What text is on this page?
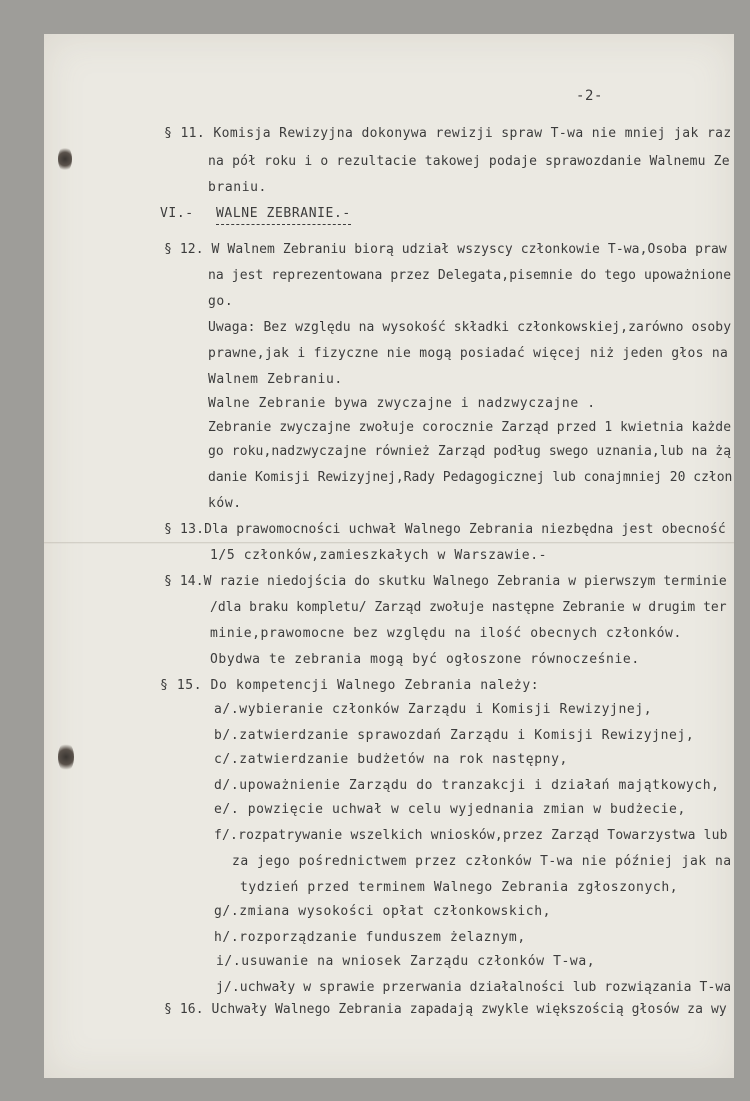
-2-
§ 11. Komisja Rewizyjna dokonywa rewizji spraw T-wa nie mniej jak raz
na pół roku i o rezultacie takowej podaje sprawozdanie Walnemu Ze
braniu.
VI.- WALNE ZEBRANIE.-
§ 12. W Walnem Zebraniu biorą udział wszyscy członkowie T-wa,Osoba praw
na jest reprezentowana przez Delegata,pisemnie do tego upoważnione
go.
Uwaga: Bez względu na wysokość składki członkowskiej,zarówno osoby
prawne,jak i fizyczne nie mogą posiadać więcej niż jeden głos na
Walnem Zebraniu.
Walne Zebranie bywa zwyczajne i nadzwyczajne .
Zebranie zwyczajne zwołuje corocznie Zarząd przed 1 kwietnia każde
go roku,nadzwyczajne również Zarząd podług swego uznania,lub na żą
danie Komisji Rewizyjnej,Rady Pedagogicznej lub conajmniej 20 człon
ków.
§ 13.Dla prawomocności uchwał Walnego Zebrania niezbędna jest obecność
1/5 członków,zamieszkałych w Warszawie.-
§ 14.W razie niedojścia do skutku Walnego Zebrania w pierwszym terminie
/dla braku kompletu/ Zarząd zwołuje następne Zebranie w drugim ter
minie,prawomocne bez względu na ilość obecnych członków.
Obydwa te zebrania mogą być ogłoszone równocześnie.
§ 15. Do kompetencji Walnego Zebrania należy:
a/.wybieranie członków Zarządu i Komisji Rewizyjnej,
b/.zatwierdzanie sprawozdań Zarządu i Komisji Rewizyjnej,
c/.zatwierdzanie budżetów na rok następny,
d/.upoważnienie Zarządu do tranzakcji i działań majątkowych,
e/. powzięcie uchwał w celu wyjednania zmian w budżecie,
f/.rozpatrywanie wszelkich wniosków,przez Zarząd Towarzystwa lub
za jego pośrednictwem przez członków T-wa nie później jak na
tydzień przed terminem Walnego Zebrania zgłoszonych,
g/.zmiana wysokości opłat członkowskich,
h/.rozporządzanie funduszem żelaznym,
i/.usuwanie na wniosek Zarządu członków T-wa,
j/.uchwały w sprawie przerwania działalności lub rozwiązania T-wa
§ 16. Uchwały Walnego Zebrania zapadają zwykle większością głosów za wy
